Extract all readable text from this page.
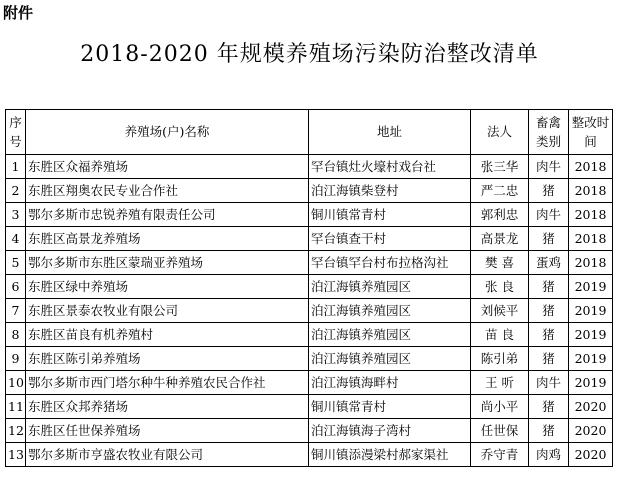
附件
2018-2020 年规模养殖场污染防治整改清单
序号	养殖场(户)名称	地址	法人	畜禽类别	整改时间
1	东胜区众福养殖场	罕台镇灶火壕村戏台社	张三华	肉牛	2018
2	东胜区翔奥农民专业合作社	泊江海镇柴登村	严二忠	猪	2018
3	鄂尔多斯市忠锐养殖有限责任公司	铜川镇常青村	郭利忠	肉牛	2018
4	东胜区高景龙养殖场	罕台镇查干村	高景龙	猪	2018
5	鄂尔多斯市东胜区蒙瑞亚养殖场	罕台镇罕台村布拉格沟社	樊 喜	蛋鸡	2018
6	东胜区绿中养殖场	泊江海镇养殖园区	张 良	猪	2019
7	东胜区景泰农牧业有限公司	泊江海镇养殖园区	刘候平	猪	2019
8	东胜区苗良有机养殖村	泊江海镇养殖园区	苗 良	猪	2019
9	东胜区陈引弟养殖场	泊江海镇养殖园区	陈引弟	猪	2019
10	鄂尔多斯市西门塔尔种牛种养殖农民合作社	泊江海镇海畔村	王 听	肉牛	2019
11	东胜区众邦养猪场	铜川镇常青村	尚小平	猪	2020
12	东胜区任世保养殖场	泊江海镇海子湾村	任世保	猪	2020
13	鄂尔多斯市亨盛农牧业有限公司	铜川镇添漫梁村郝家渠社	乔守青	肉鸡	2020
